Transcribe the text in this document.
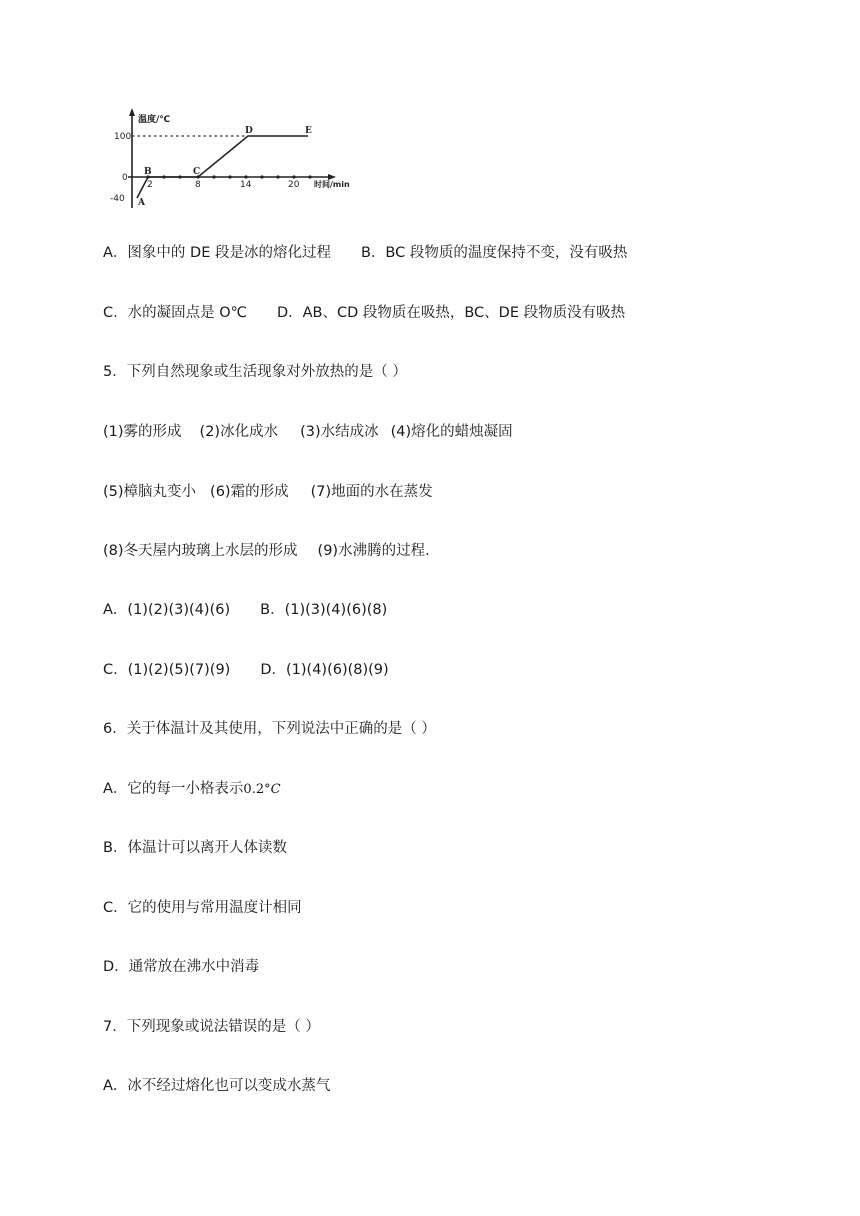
温度/℃
100
0
-40
2	8	14	20 时间/min
A
B	C
D	E
A．图象中的 DE 段是冰的熔化过程 B．BC 段物质的温度保持不变，没有吸热
C．水的凝固点是 O℃ D．AB、CD 段物质在吸热，BC、DE 段物质没有吸热
5．下列自然现象或生活现象对外放热的是（ ）
(1)雾的形成 (2)冰化成水 (3)水结成冰 (4)熔化的蜡烛凝固
(5)樟脑丸变小 (6)霜的形成 (7)地面的水在蒸发
(8)冬天屋内玻璃上水层的形成 (9)水沸腾的过程．
A．(1)(2)(3)(4)(6) B．(1)(3)(4)(6)(8)
C．(1)(2)(5)(7)(9) D．(1)(4)(6)(8)(9)
6．关于体温计及其使用，下列说法中正确的是（ ）
A．它的每一小格表示0.2°C
B．体温计可以离开人体读数
C．它的使用与常用温度计相同
D．通常放在沸水中消毒
7．下列现象或说法错误的是（ ）
A．冰不经过熔化也可以变成水蒸气
